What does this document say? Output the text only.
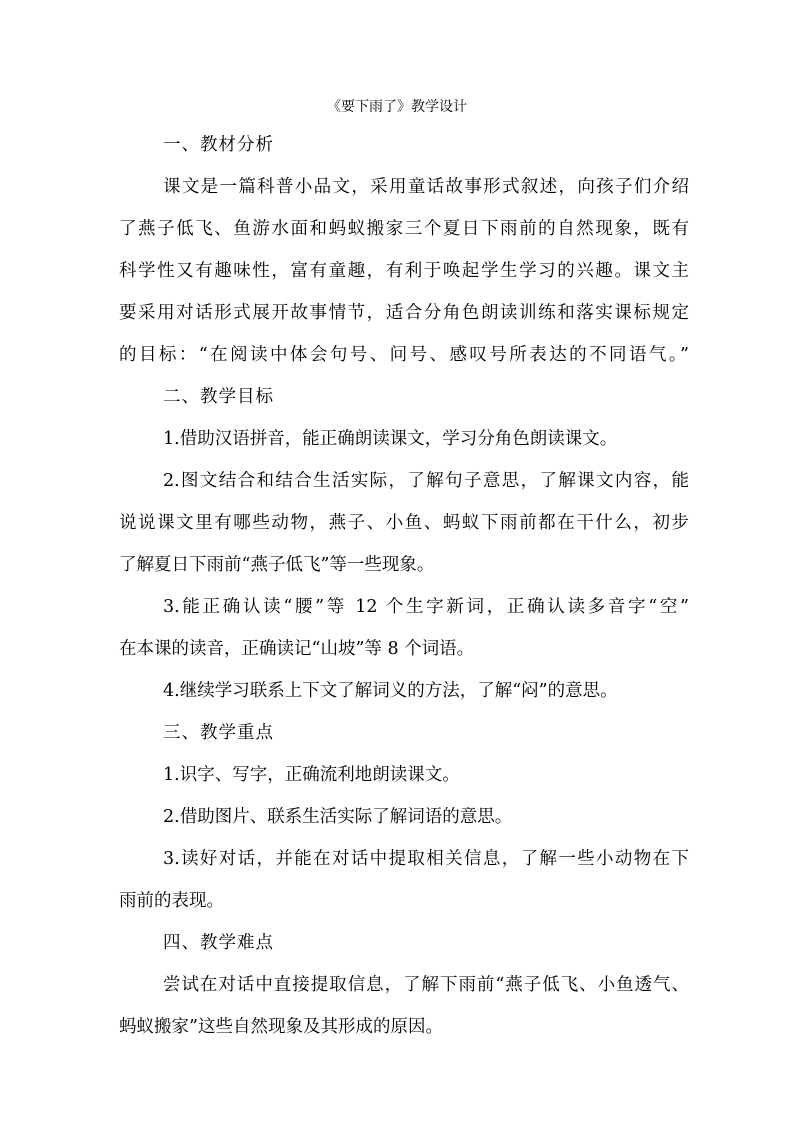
《要下雨了》教学设计
一、教材分析
课文是一篇科普小品文，采用童话故事形式叙述，向孩子们介绍
了燕子低飞、鱼游水面和蚂蚁搬家三个夏日下雨前的自然现象，既有
科学性又有趣味性，富有童趣，有利于唤起学生学习的兴趣。课文主
要采用对话形式展开故事情节，适合分角色朗读训练和落实课标规定
的目标：“在阅读中体会句号、问号、感叹号所表达的不同语气。”
二、教学目标
1.借助汉语拼音，能正确朗读课文，学习分角色朗读课文。
2.图文结合和结合生活实际，了解句子意思，了解课文内容，能
说说课文里有哪些动物，燕子、小鱼、蚂蚁下雨前都在干什么，初步
了解夏日下雨前“燕子低飞”等一些现象。
3.能正确认读“腰”等 12 个生字新词，正确认读多音字“空”
在本课的读音，正确读记“山坡”等 8 个词语。
4.继续学习联系上下文了解词义的方法，了解“闷”的意思。
三、教学重点
1.识字、写字，正确流利地朗读课文。
2.借助图片、联系生活实际了解词语的意思。
3.读好对话，并能在对话中提取相关信息，了解一些小动物在下
雨前的表现。
四、教学难点
尝试在对话中直接提取信息，了解下雨前“燕子低飞、小鱼透气、
蚂蚁搬家”这些自然现象及其形成的原因。
